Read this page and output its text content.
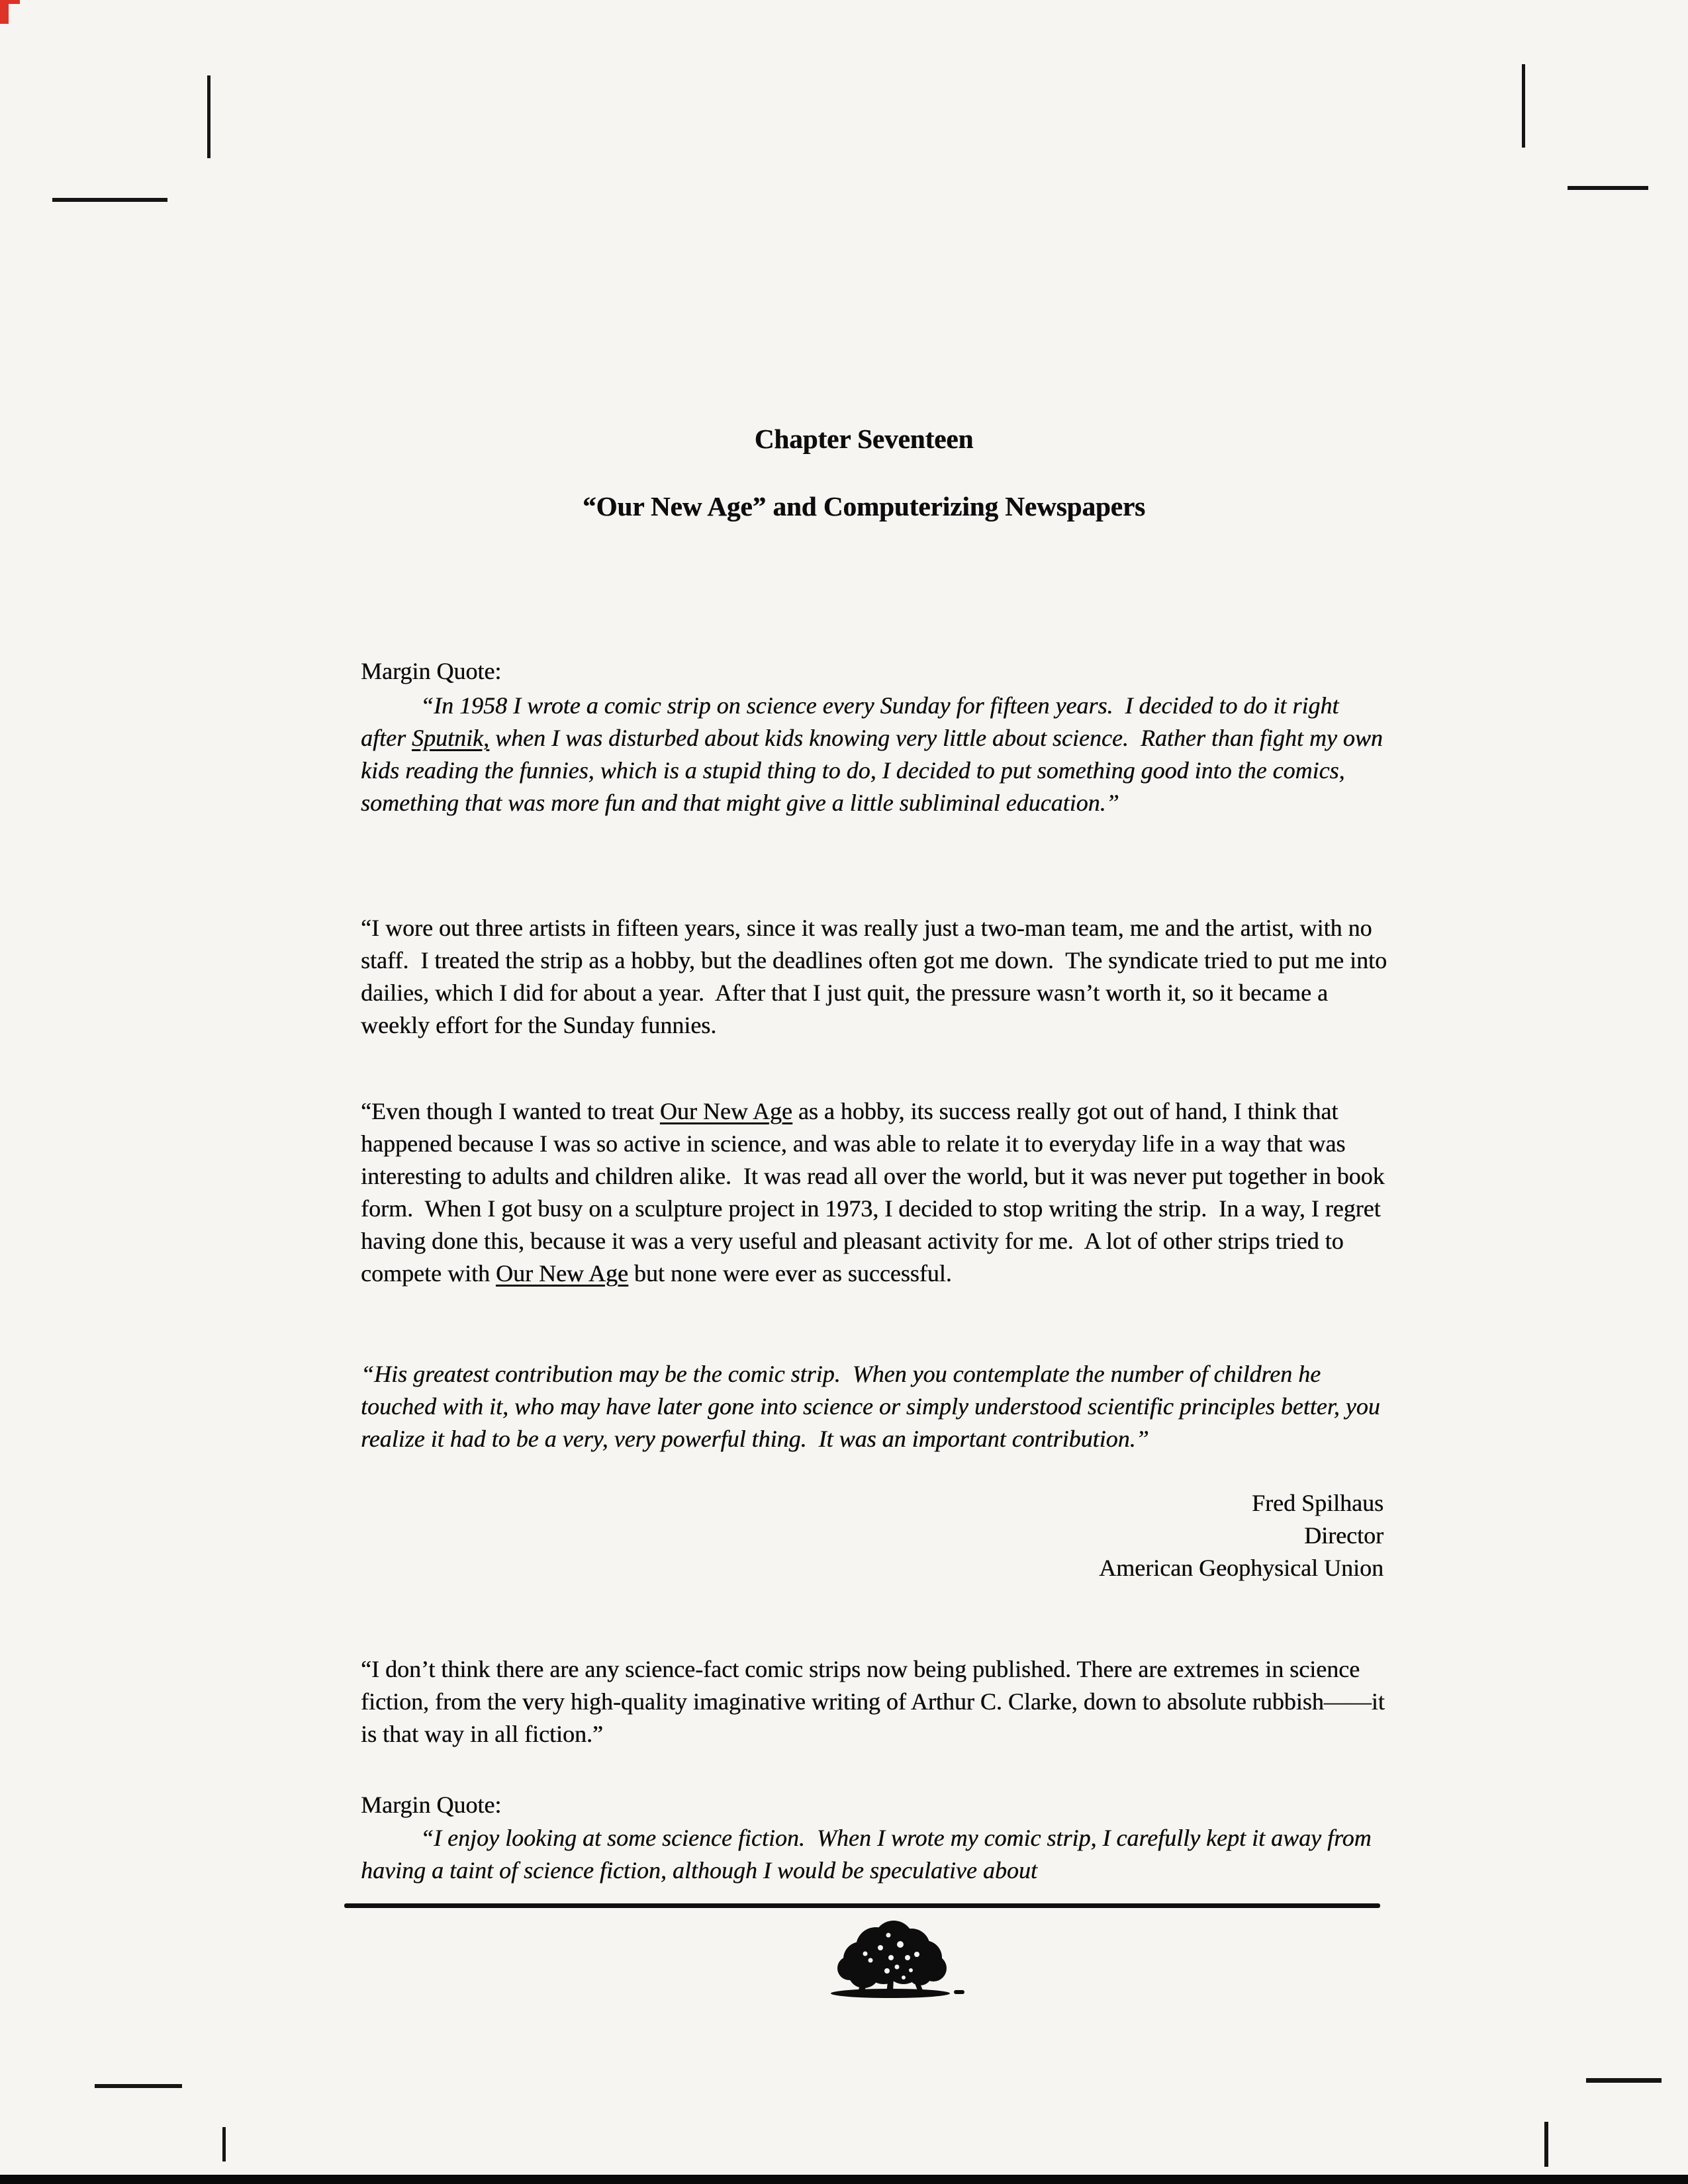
Chapter Seventeen
“Our New Age” and Computerizing Newspapers
Margin Quote:
“In 1958 I wrote a comic strip on science every Sunday for fifteen years.  I decided to do it right after Sputnik, when I was disturbed about kids knowing very little about science.  Rather than fight my own kids reading the funnies, which is a stupid thing to do, I decided to put something good into the comics, something that was more fun and that might give a little subliminal education.”
“I wore out three artists in fifteen years, since it was really just a two-man team, me and the artist, with no staff.  I treated the strip as a hobby, but the deadlines often got me down.  The syndicate tried to put me into dailies, which I did for about a year.  After that I just quit, the pressure wasn’t worth it, so it became a weekly effort for the Sunday funnies.
“Even though I wanted to treat Our New Age as a hobby, its success really got out of hand, I think that happened because I was so active in science, and was able to relate it to everyday life in a way that was interesting to adults and children alike.  It was read all over the world, but it was never put together in book form.  When I got busy on a sculpture project in 1973, I decided to stop writing the strip.  In a way, I regret having done this, because it was a very useful and pleasant activity for me.  A lot of other strips tried to compete with Our New Age but none were ever as successful.
“His greatest contribution may be the comic strip.  When you contemplate the number of children he touched with it, who may have later gone into science or simply understood scientific principles better, you realize it had to be a very, very powerful thing.  It was an important contribution.”
Fred Spilhaus
Director
American Geophysical Union
“I don’t think there are any science-fact comic strips now being published. There are extremes in science fiction, from the very high-quality imaginative writing of Arthur C. Clarke, down to absolute rubbish——it is that way in all fiction.”
Margin Quote:
“I enjoy looking at some science fiction.  When I wrote my comic strip, I carefully kept it away from having a taint of science fiction, although I would be speculative about
